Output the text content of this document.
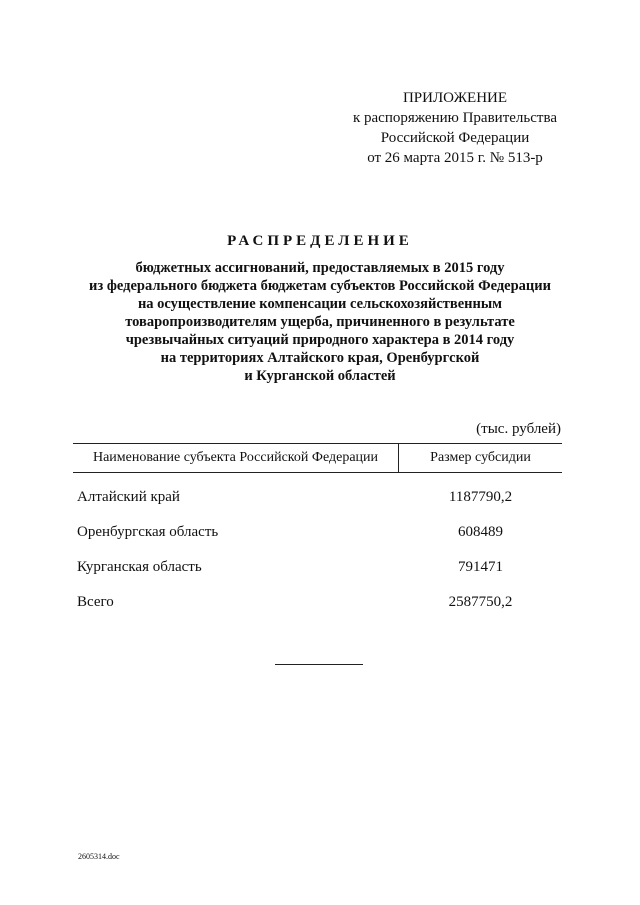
ПРИЛОЖЕНИЕ
к распоряжению Правительства
Российской Федерации
от 26 марта 2015 г. № 513-р
РАСПРЕДЕЛЕНИЕ
бюджетных ассигнований, предоставляемых в 2015 году
из федерального бюджета бюджетам субъектов Российской Федерации
на осуществление компенсации сельскохозяйственным
товаропроизводителям ущерба, причиненного в результате
чрезвычайных ситуаций природного характера в 2014 году
на территориях Алтайского края, Оренбургской
и Курганской областей
(тыс. рублей)
Наименование субъекта Российской Федерации	Размер субсидии
Алтайский край	1187790,2
Оренбургская область	608489
Курганская область	791471
Всего	2587750,2
2605314.doc
